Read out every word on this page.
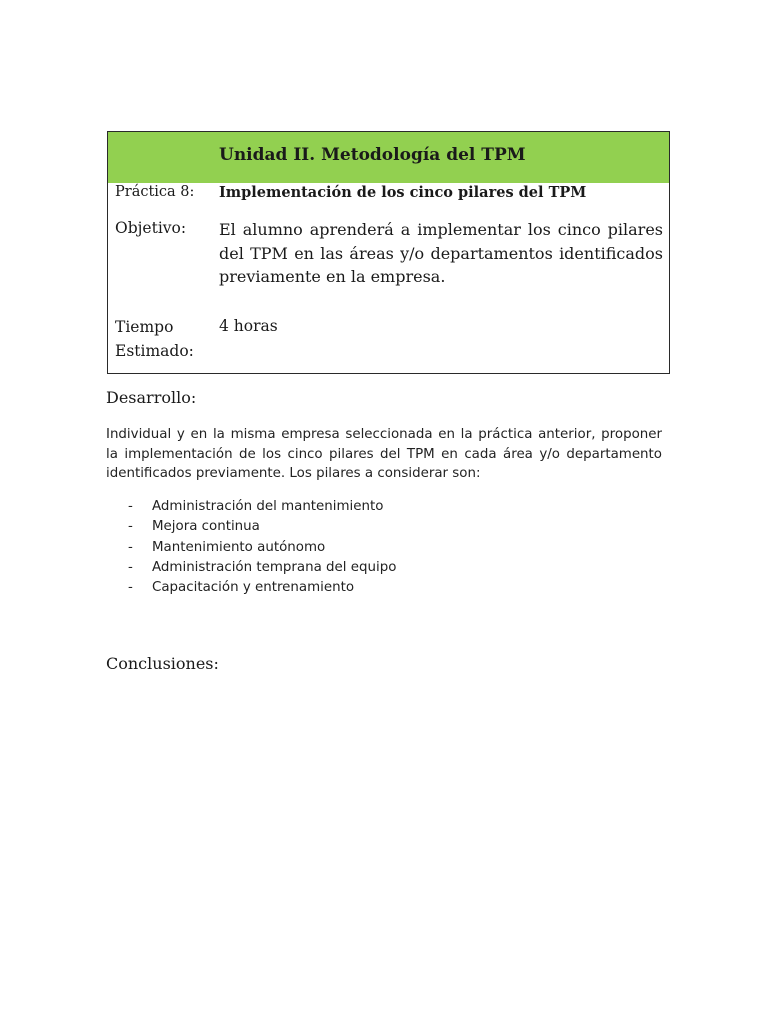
Unidad II. Metodología del TPM
Práctica 8: Implementación de los cinco pilares del TPM
Objetivo: El alumno aprenderá a implementar los cinco pilares del TPM en las áreas y/o departamentos identificados previamente en la empresa.
Tiempo
Estimado:
4 horas
Desarrollo:
Individual y en la misma empresa seleccionada en la práctica anterior, proponer la implementación de los cinco pilares del TPM en cada área y/o departamento identificados previamente. Los pilares a considerar son:
- Administración del mantenimiento
- Mejora continua
- Mantenimiento autónomo
- Administración temprana del equipo
- Capacitación y entrenamiento
Conclusiones:
